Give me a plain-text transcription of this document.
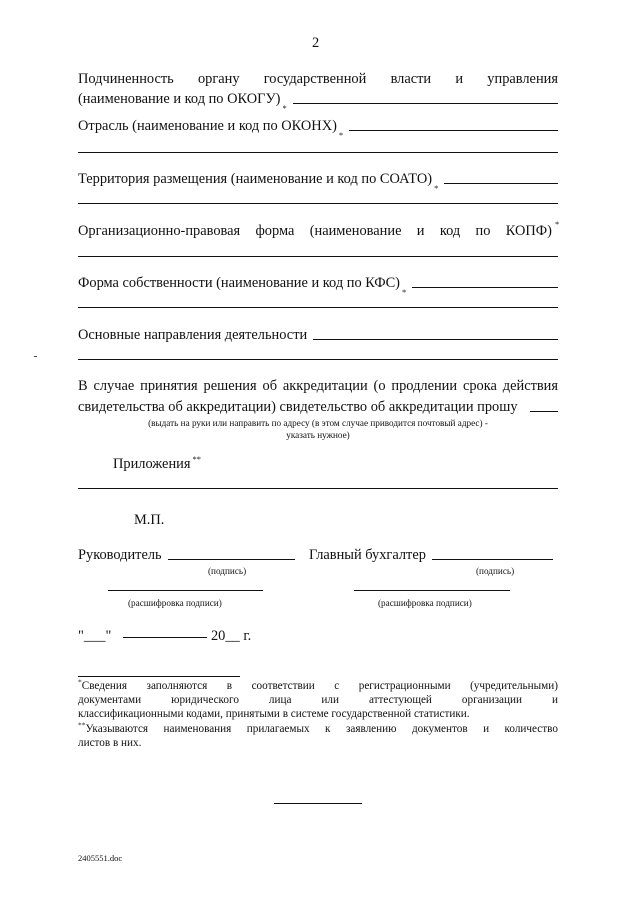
2
Подчиненность органу государственной власти и управления
(наименование и код по ОКОГУ)
*
Отрасль (наименование и код по ОКОНХ)
*
Территория размещения (наименование и код по СОАТО)
*
Организационно-правовая форма (наименование и код по КОПФ) *
Форма собственности (наименование и код по КФС)
*
Основные направления деятельности
В случае принятия решения об аккредитации (о продлении срока действия
свидетельства об аккредитации) свидетельство об аккредитации прошу
(выдать на руки или направить по адресу (в этом случае приводится почтовый адрес) -
указать нужное)
Приложения **
М.П.
Руководитель	Главный бухгалтер
(подпись)	(подпись)
(расшифровка подписи)	(расшифровка подписи)
"___"	20__ г.
*Сведения заполняются в соответствии с регистрационными (учредительными)
документами	юридического	лица	или	аттестующей	организации	и
классификационными кодами, принятыми в системе государственной статистики.
**Указываются наименования прилагаемых к заявлению документов и количество
листов в них.
2405551.doc
